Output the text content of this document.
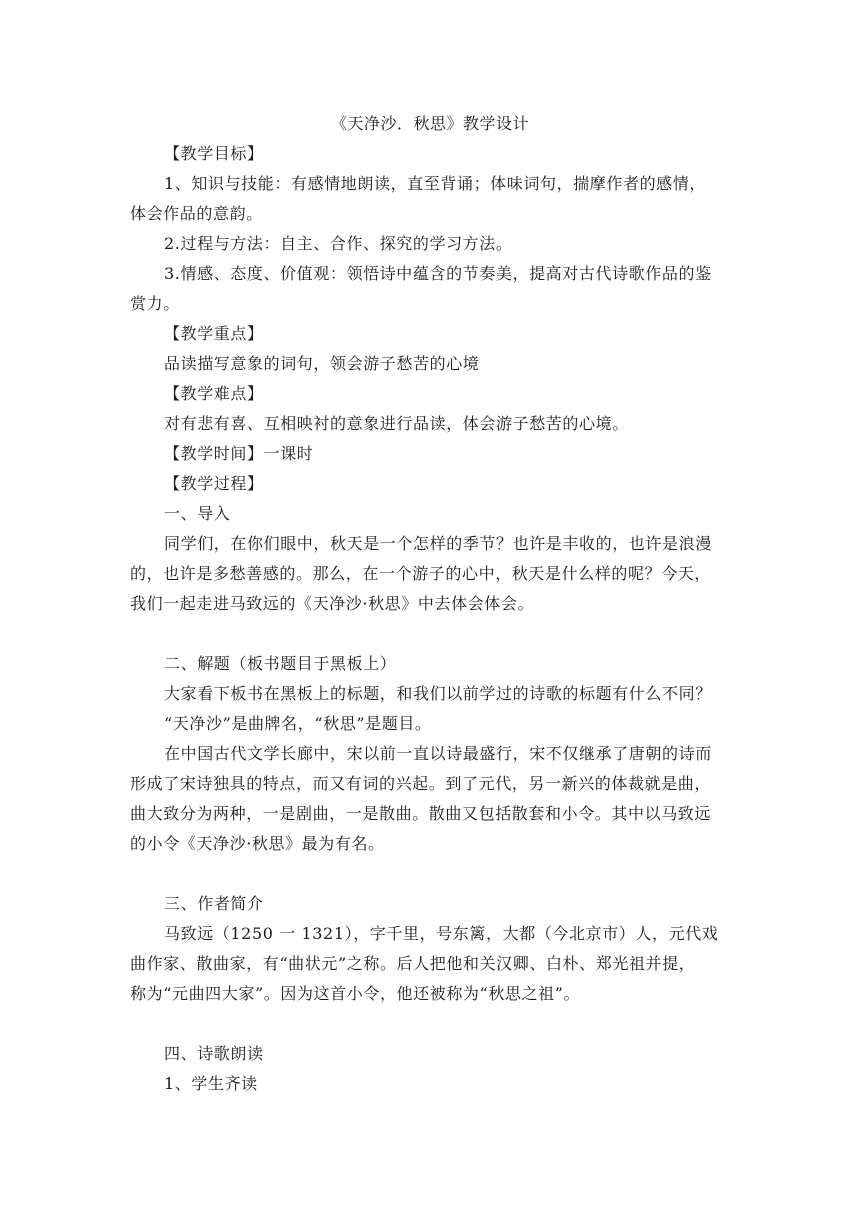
《天净沙．秋思》教学设计
【教学目标】
1、知识与技能：有感情地朗读，直至背诵；体味词句，揣摩作者的感情，
体会作品的意韵。
2.过程与方法：自主、合作、探究的学习方法。
3.情感、态度、价值观：领悟诗中蕴含的节奏美，提高对古代诗歌作品的鉴
赏力。
【教学重点】
品读描写意象的词句，领会游子愁苦的心境
【教学难点】
对有悲有喜、互相映衬的意象进行品读，体会游子愁苦的心境。
【教学时间】一课时
【教学过程】
一、导入
同学们，在你们眼中，秋天是一个怎样的季节？也许是丰收的，也许是浪漫
的，也许是多愁善感的。那么，在一个游子的心中，秋天是什么样的呢？今天，
我们一起走进马致远的《天净沙·秋思》中去体会体会。
二、解题（板书题目于黑板上）
大家看下板书在黑板上的标题，和我们以前学过的诗歌的标题有什么不同？
“天净沙”是曲牌名，“秋思”是题目。
在中国古代文学长廊中，宋以前一直以诗最盛行，宋不仅继承了唐朝的诗而
形成了宋诗独具的特点，而又有词的兴起。到了元代，另一新兴的体裁就是曲，
曲大致分为两种，一是剧曲，一是散曲。散曲又包括散套和小令。其中以马致远
的小令《天净沙·秋思》最为有名。
三、作者简介
马致远（1250 一 1321），字千里，号东篱，大都（今北京市）人，元代戏
曲作家、散曲家，有“曲状元”之称。后人把他和关汉卿、白朴、郑光祖并提，
称为“元曲四大家”。因为这首小令，他还被称为“秋思之祖”。
四、诗歌朗读
1、学生齐读
